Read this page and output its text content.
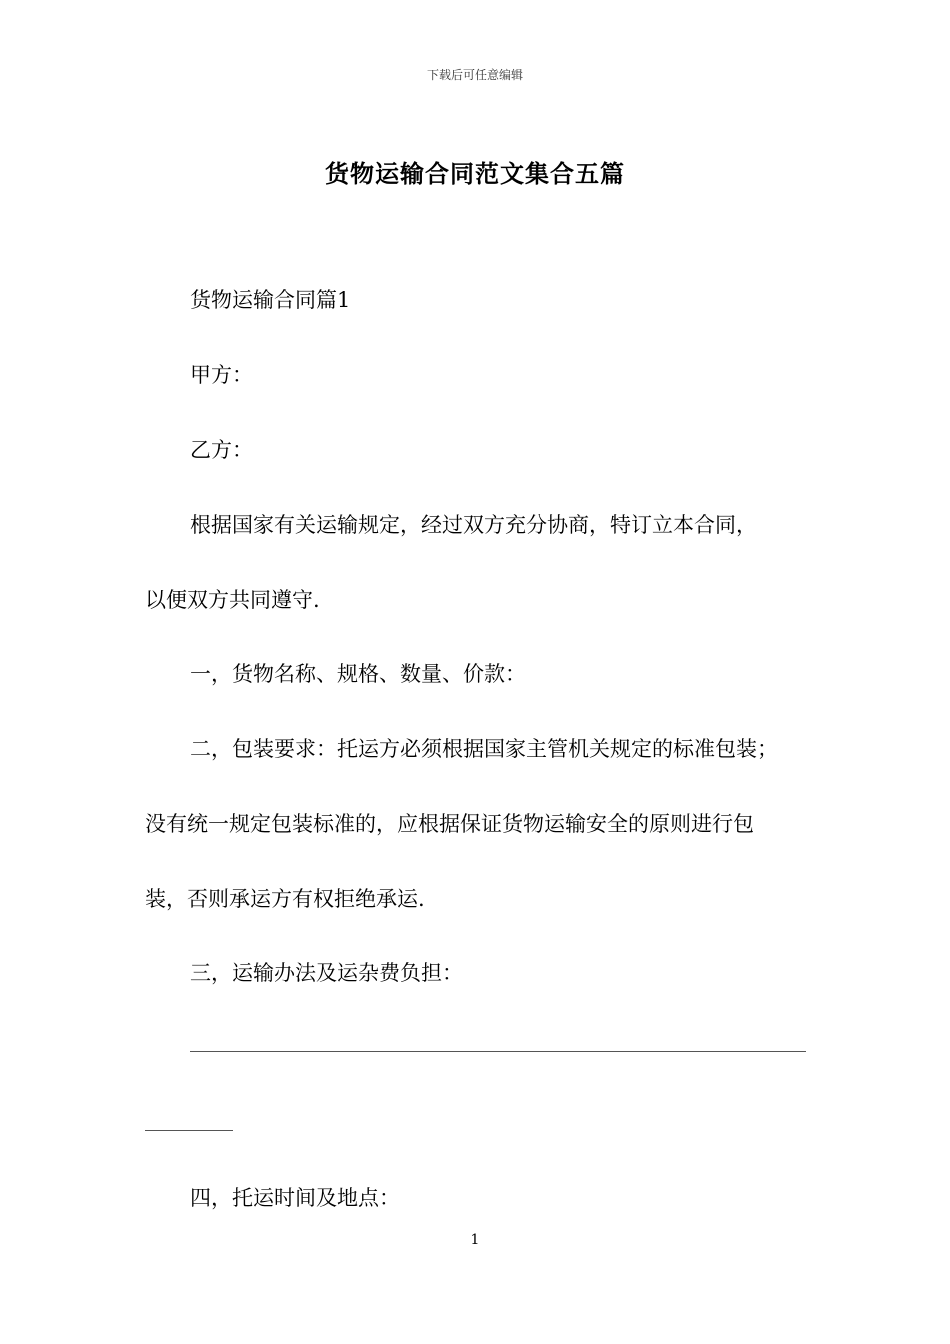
下载后可任意编辑
货物运输合同范文集合五篇
货物运输合同篇1
甲方：
乙方：
根据国家有关运输规定，经过双方充分协商，特订立本合同，
以便双方共同遵守.
一，货物名称、规格、数量、价款：
二，包装要求：托运方必须根据国家主管机关规定的标准包装；
没有统一规定包装标准的，应根据保证货物运输安全的原则进行包
装，否则承运方有权拒绝承运.
三，运输办法及运杂费负担：
四，托运时间及地点：
1
